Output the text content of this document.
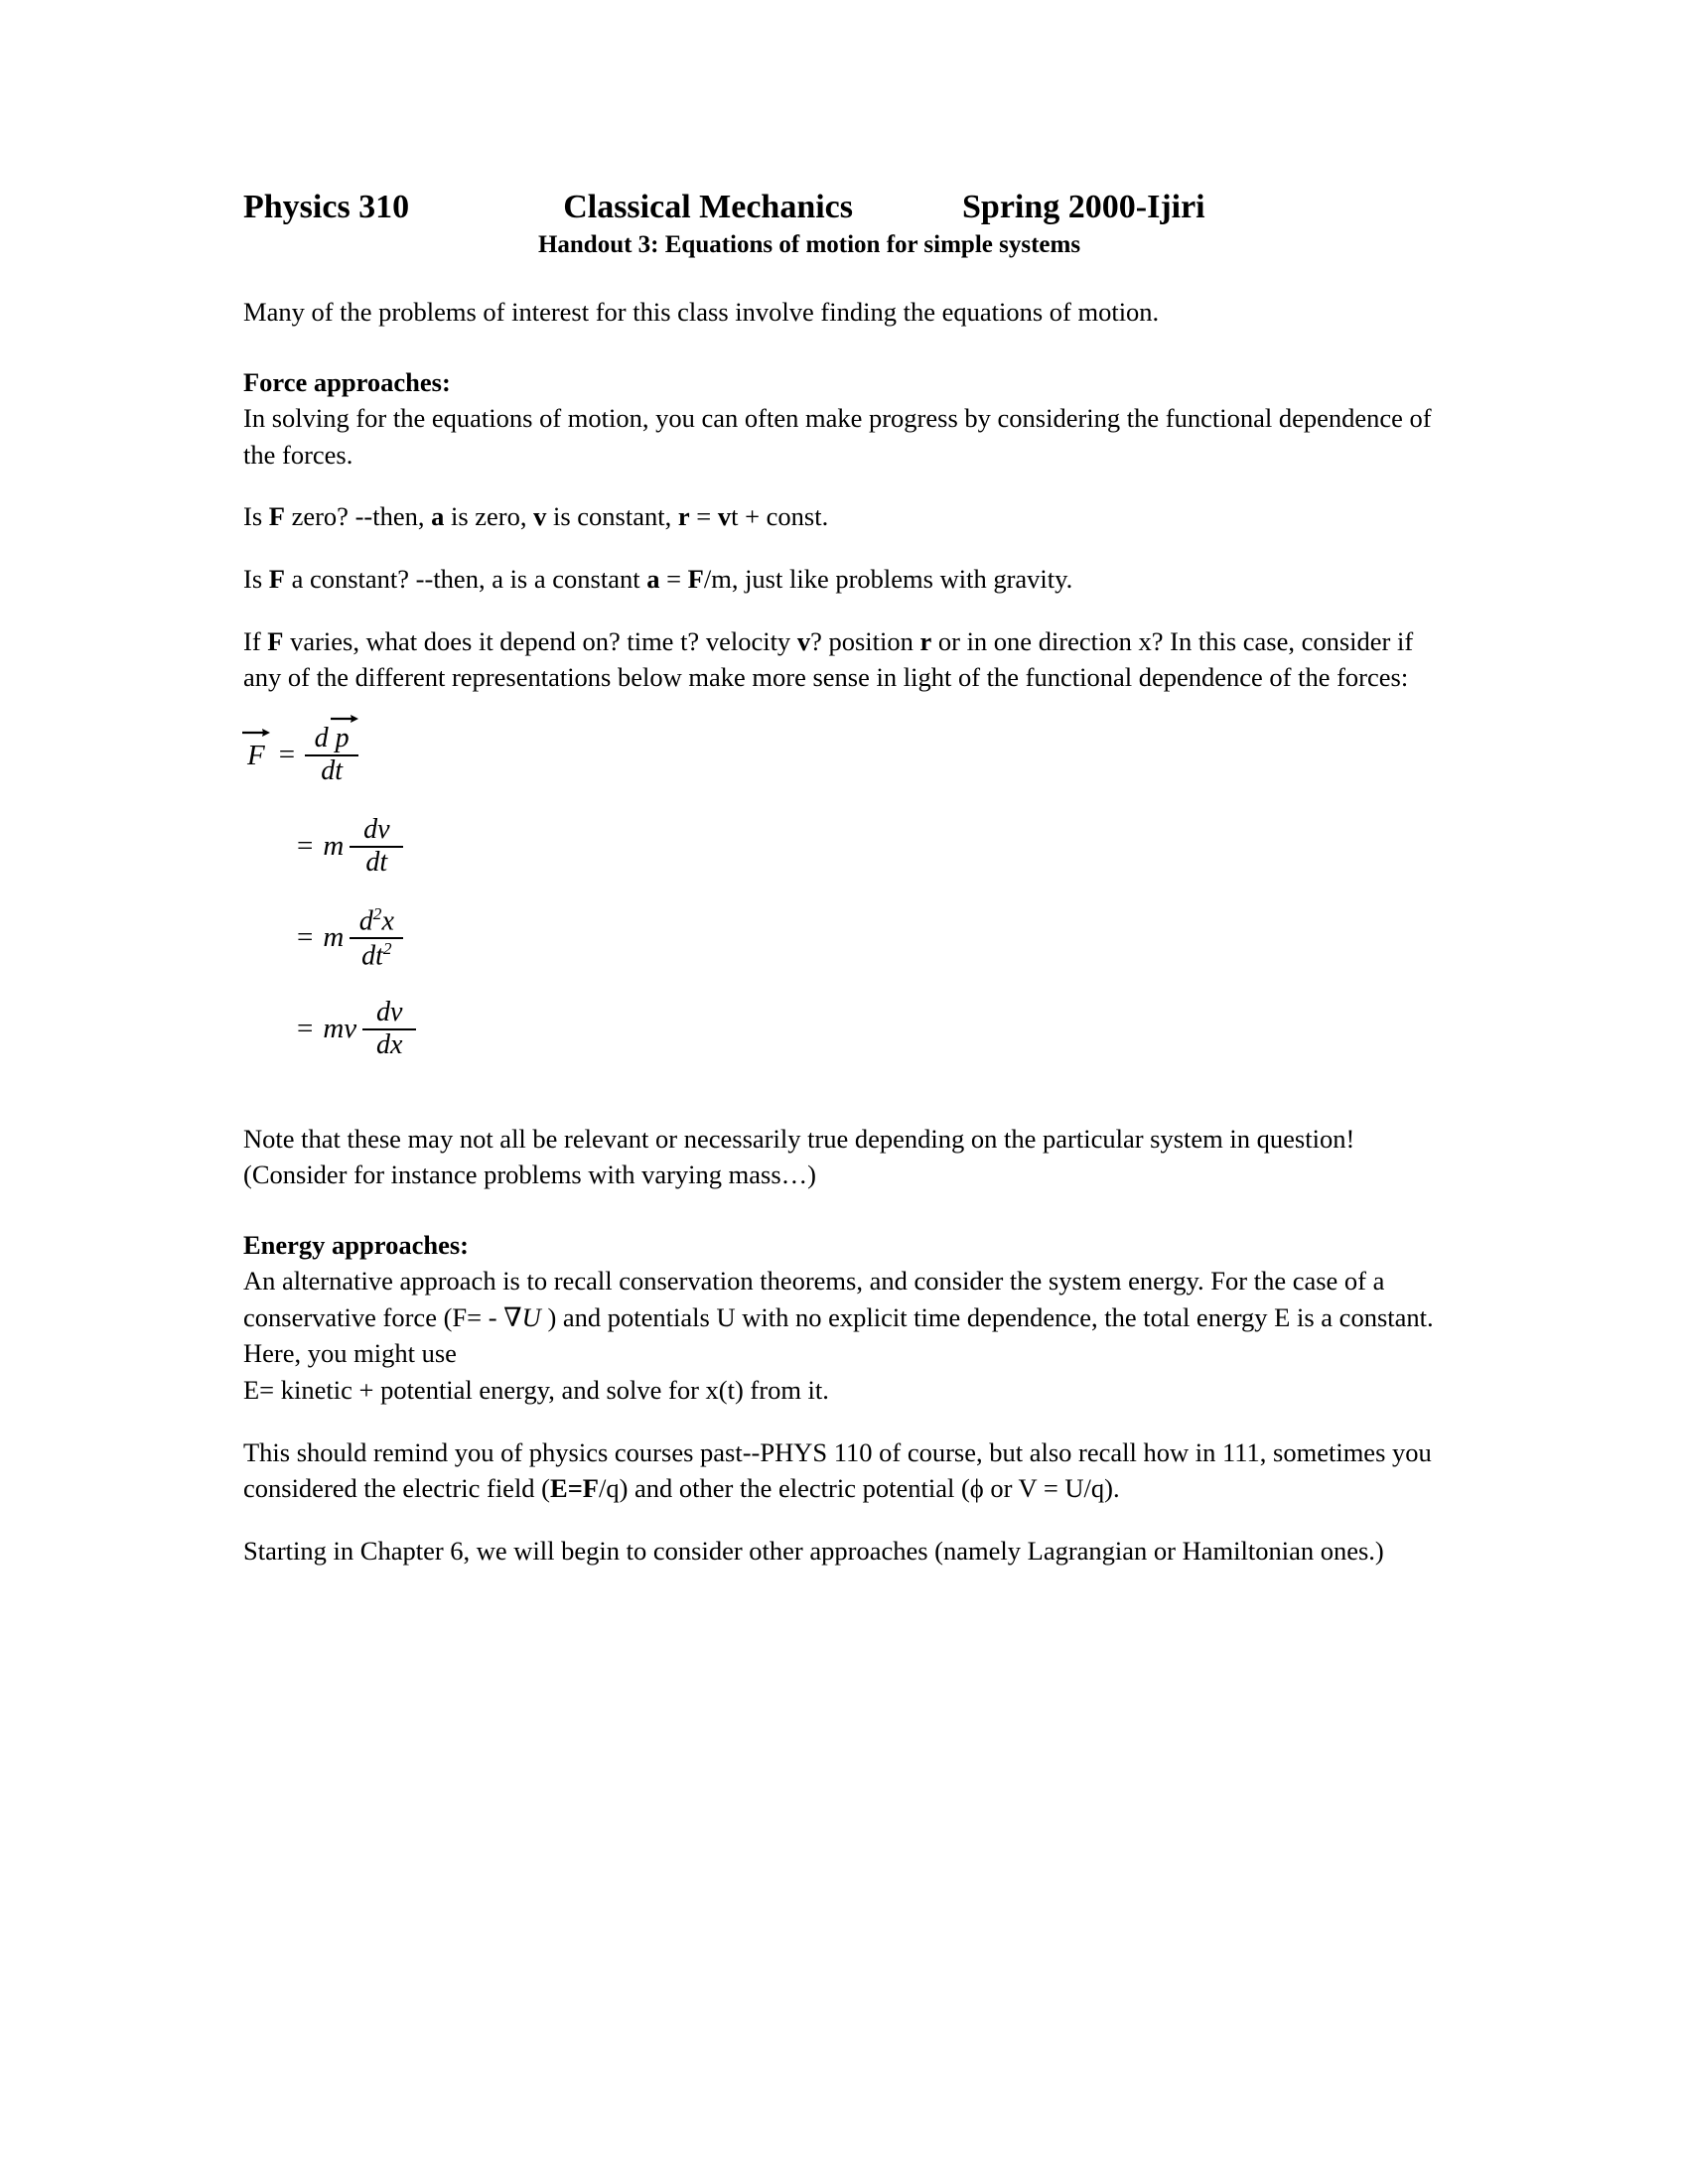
Physics 310	Classical Mechanics	Spring 2000-Ijiri
Handout 3: Equations of motion for simple systems

Many of the problems of interest for this class involve finding the equations of motion.

Force approaches:

In solving for the equations of motion, you can often make progress by considering the functional dependence of the forces.

Is F zero? --then, a is zero, v is constant, r = vt + const.

Is F a constant? --then, a is a constant a = F/m, just like problems with gravity.

If F varies, what does it depend on? time t? velocity v? position r or in one direction x? In this case, consider if any of the different representations below make more sense in light of the functional dependence of the forces:

$F = \frac{\text{d p}}{dt}$
= m $\frac{dv}{dt}$
= m $\frac{d^2x}{dt^2}$
= mv $\frac{dv}{dx}$

Note that these may not all be relevant or necessarily true depending on the particular system in question! (Consider for instance problems with varying mass…)

Energy approaches:

An alternative approach is to recall conservation theorems, and consider the system energy. For the case of a conservative force (F= - ∇U ) and potentials U with no explicit time dependence, the total energy E is a constant. Here, you might use
E= kinetic + potential energy, and solve for x(t) from it.

This should remind you of physics courses past--PHYS 110 of course, but also recall how in 111, sometimes you considered the electric field (E=F/q) and other the electric potential (ϕ or V = U/q).

Starting in Chapter 6, we will begin to consider other approaches (namely Lagrangian or Hamiltonian ones.)
